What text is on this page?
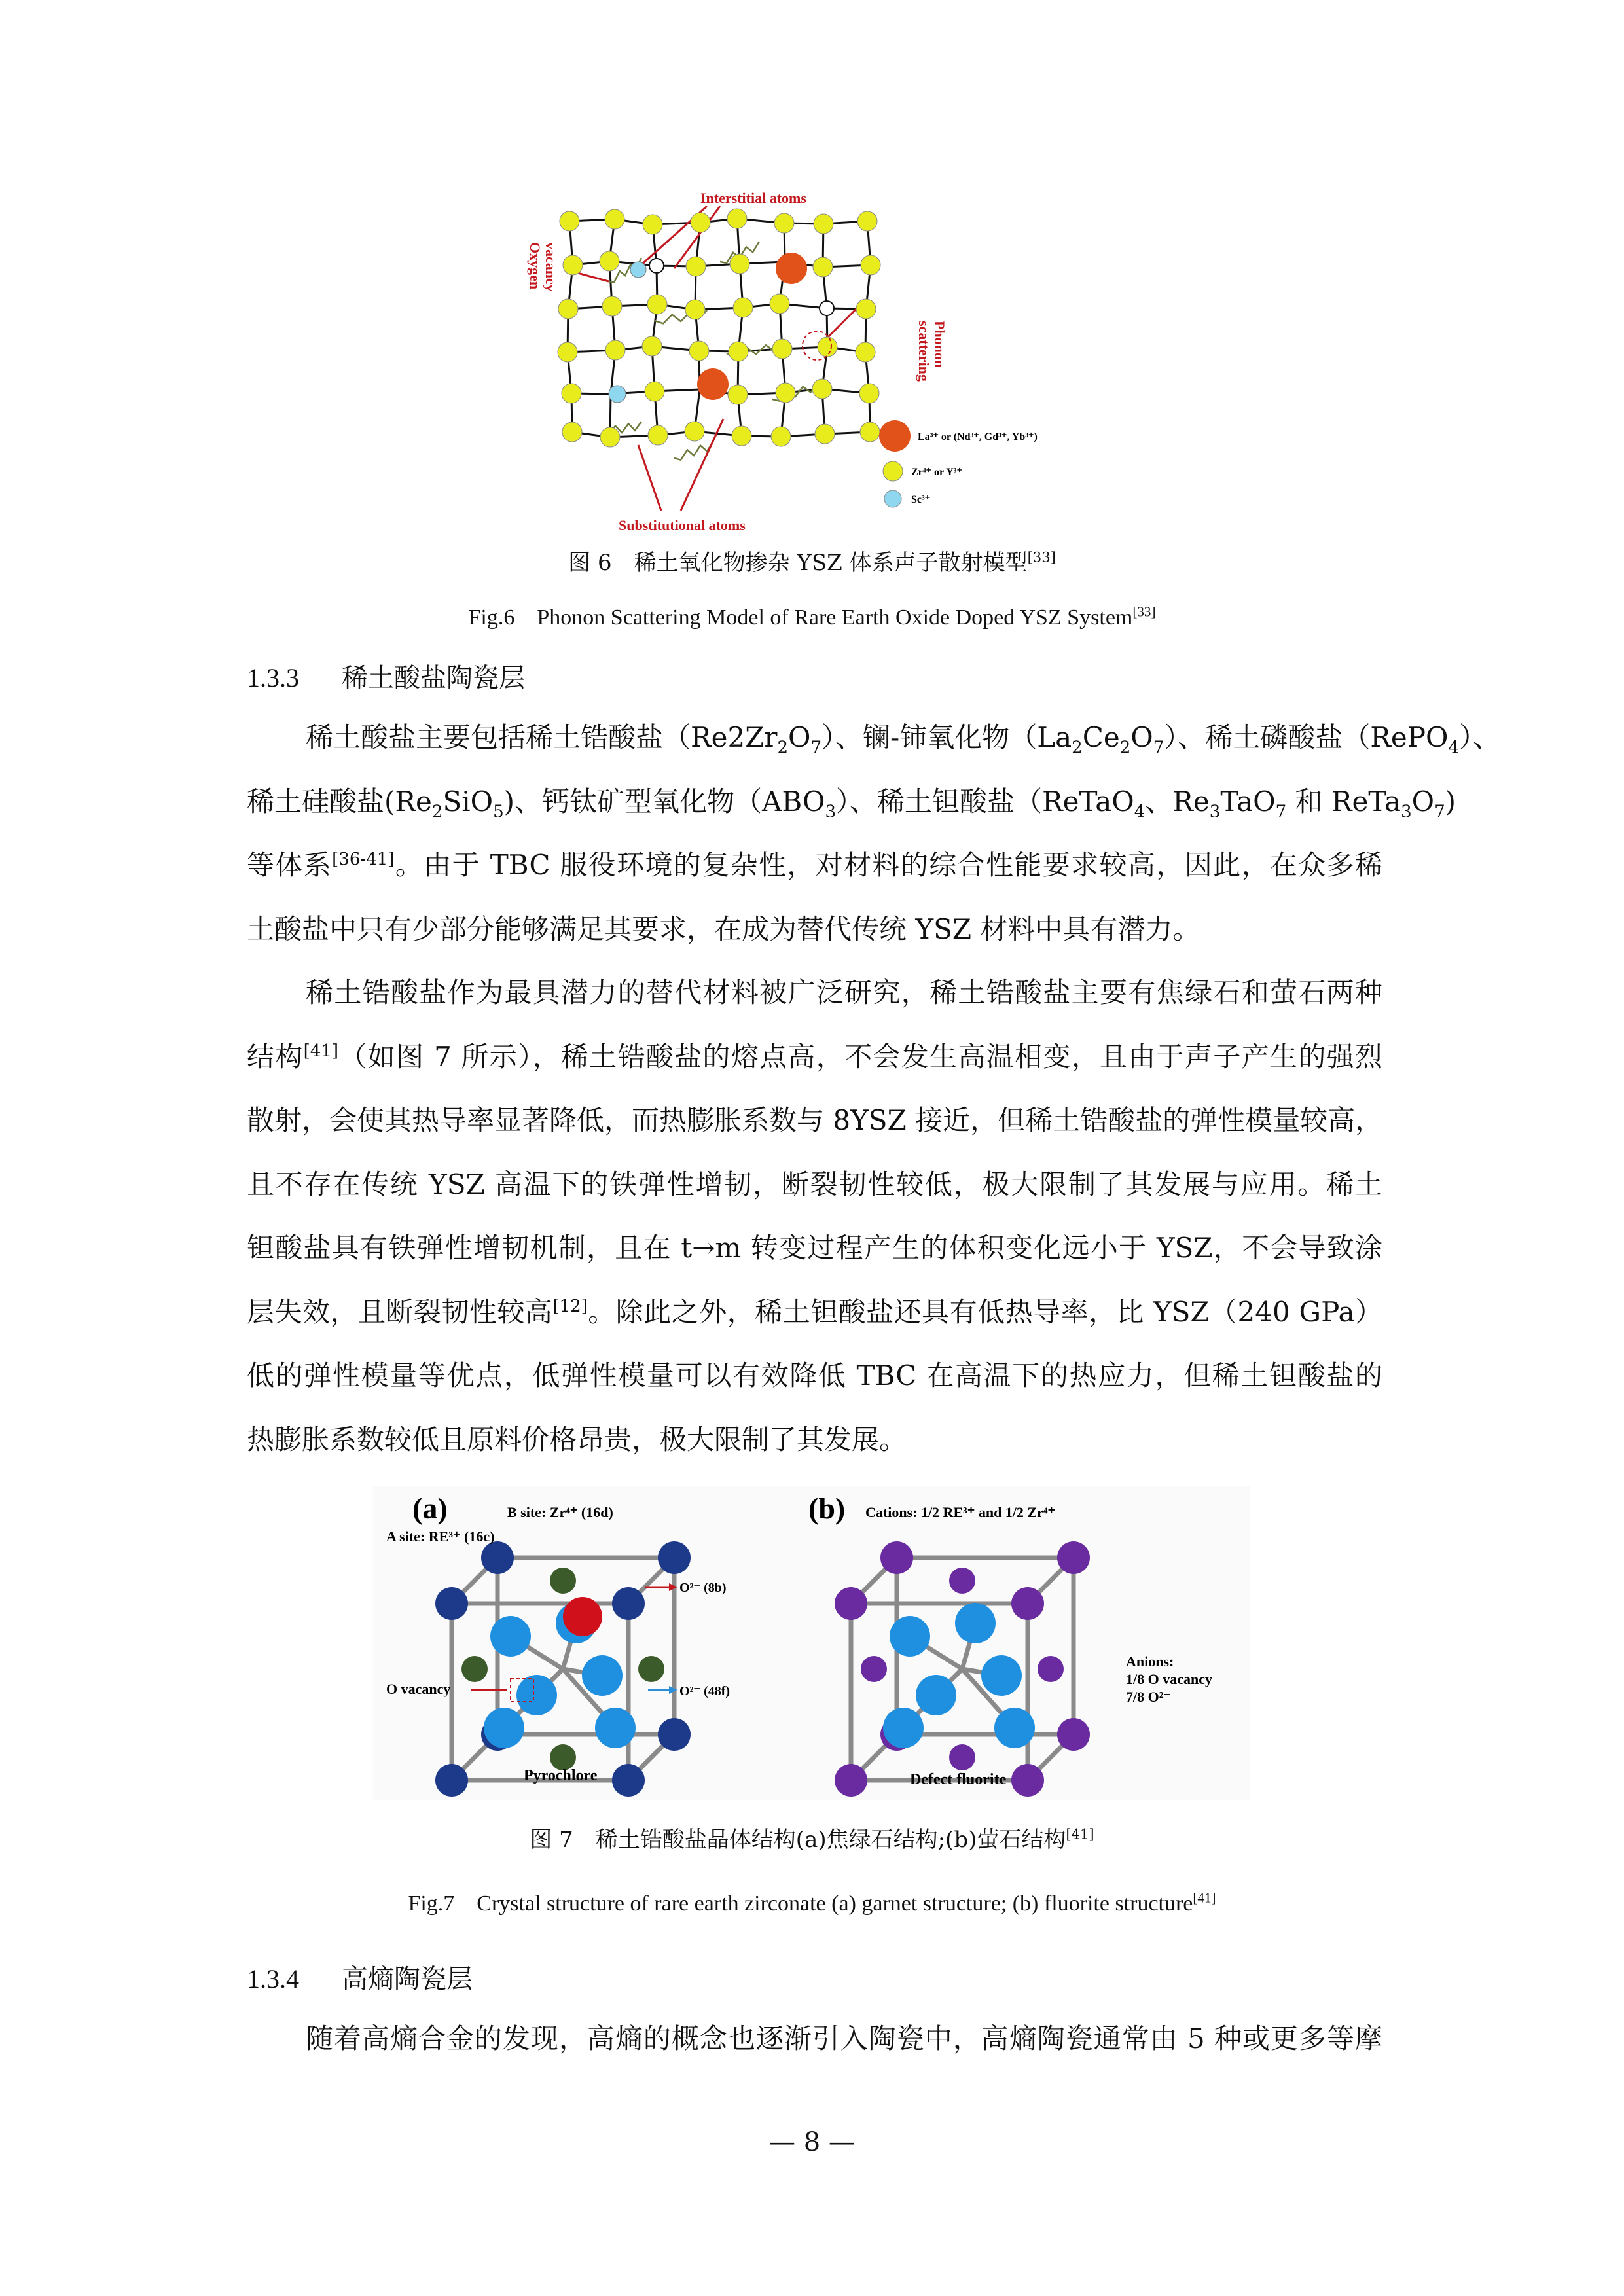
Interstitial atoms
Oxygen vacancy
Phonon
scattering
Substitutional atoms
La³⁺ or (Nd³⁺, Gd³⁺, Yb³⁺)
Zr⁴⁺ or Y³⁺
Sc³⁺
图 6　稀土氧化物掺杂 YSZ 体系声子散射模型[33]
Fig.6　Phonon Scattering Model of Rare Earth Oxide Doped YSZ System[33]
1.3.3 稀土酸盐陶瓷层
稀土酸盐主要包括稀土锆酸盐$(Re2Zr_2O_7)$、镧-铈氧化物$(La_2Ce_2O_7)$、稀土磷酸盐（RePO$_4$）、
稀土硅酸盐$(Re_2SiO_5)$、钙钛矿型氧化物$(ABO_3)$、稀土钽酸盐（ReTaO$_4$、$Re_3TaO_7$ 和 $ReTa_3O_7$)
等体系[36-41]。由于 TBC 服役环境的复杂性，对材料的综合性能要求较高，因此，在众多稀
土酸盐中只有少部分能够满足其要求，在成为替代传统 YSZ 材料中具有潜力。
稀土锆酸盐作为最具潜力的替代材料被广泛研究，稀土锆酸盐主要有焦绿石和萤石两种
结构[41]（如图 7 所示），稀土锆酸盐的熔点高，不会发生高温相变，且由于声子产生的强烈
散射，会使其热导率显著降低，而热膨胀系数与 8YSZ 接近，但稀土锆酸盐的弹性模量较高，
且不存在传统 YSZ 高温下的铁弹性增韧，断裂韧性较低，极大限制了其发展与应用。稀土
钽酸盐具有铁弹性增韧机制，且在 t→m 转变过程产生的体积变化远小于 YSZ，不会导致涂
层失效，且断裂韧性较高[12]。除此之外，稀土钽酸盐还具有低热导率，比 YSZ（240 GPa）
低的弹性模量等优点，低弹性模量可以有效降低 TBC 在高温下的热应力，但稀土钽酸盐的
热膨胀系数较低且原料价格昂贵，极大限制了其发展。
(a)	B site: Zr⁴⁺ (16d)
A site: RE³⁺ (16c)
O²⁻ (8b)
O²⁻ (48f)
O vacancy
Pyrochlore
(b) Cations: 1/2 RE³⁺ and 1/2 Zr⁴⁺
Anions:
1/8 O vacancy
7/8 O²⁻
Defect fluorite
图 7　稀土锆酸盐晶体结构(a)焦绿石结构;(b)萤石结构[41]
Fig.7　Crystal structure of rare earth zirconate (a) garnet structure; (b) fluorite structure[41]
1.3.4 高熵陶瓷层
随着高熵合金的发现，高熵的概念也逐渐引入陶瓷中，高熵陶瓷通常由 5 种或更多等摩
— 8 —
